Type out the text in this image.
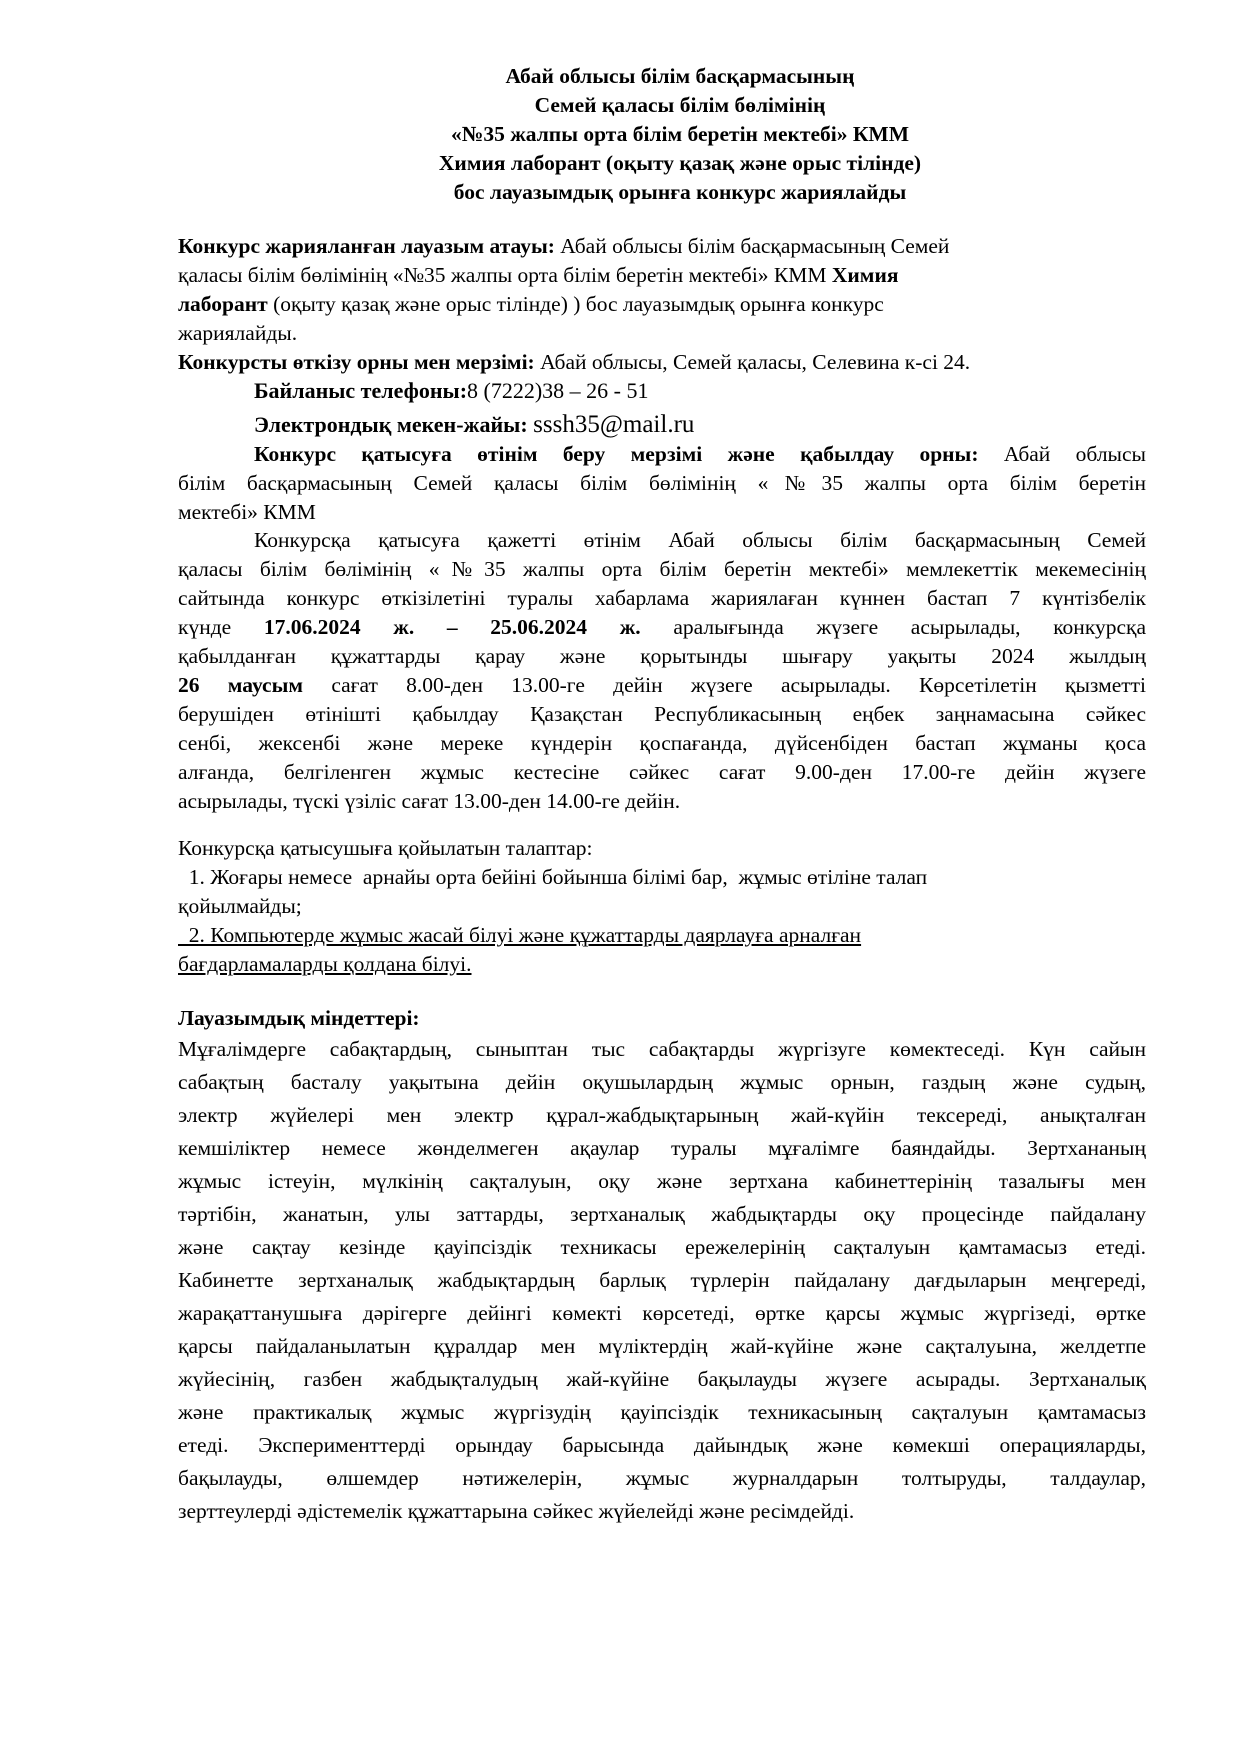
Абай облысы білім басқармасының
Семей қаласы білім бөлімінің
«№35 жалпы орта білім беретін мектебі» КММ
Химия лаборант (оқыту қазақ және орыс тілінде)
бос лауазымдық орынға конкурс жариялайды
Конкурс жарияланған лауазым атауы: Абай облысы білім басқармасының Семей
қаласы білім бөлімінің «№35 жалпы орта білім беретін мектебі» КММ Химия
лаборант (оқыту қазақ және орыс тілінде) ) бос лауазымдық орынға конкурс
жариялайды.
Конкурсты өткізу орны мен мерзімі: Абай облысы, Семей қаласы, Селевина к-сі 24.
Байланыс телефоны:8 (7222)38 – 26 - 51
Электрондық мекен-жайы: sssh35@mail.ru
Конкурс қатысуға өтінім беру мерзімі және қабылдау орны: Абай облысы
білім басқармасының Семей қаласы білім бөлімінің «№35 жалпы орта білім беретін
мектебі» КММ
Конкурсқа қатысуға қажетті өтінім Абай облысы білім басқармасының Семей
қаласы білім бөлімінің «№35 жалпы орта білім беретін мектебі» мемлекеттік мекемесінің
сайтында конкурс өткізілетіні туралы хабарлама жариялаған күннен бастап 7 күнтізбелік
күнде 17.06.2024 ж. – 25.06.2024 ж. аралығында жүзеге асырылады, конкурсқа
қабылданған құжаттарды қарау және қорытынды шығару уақыты 2024 жылдың
26 маусым сағат 8.00-ден 13.00-ге дейін жүзеге асырылады. Көрсетілетін қызметті
берушіден өтінішті қабылдау Қазақстан Республикасының еңбек заңнамасына сәйкес
сенбі, жексенбі және мереке күндерін қоспағанда, дүйсенбіден бастап жұманы қоса
алғанда, белгіленген жұмыс кестесіне сәйкес сағат 9.00-ден 17.00-ге дейін жүзеге
асырылады, түскі үзіліс сағат 13.00-ден 14.00-ге дейін.
Конкурсқа қатысушыға қойылатын талаптар:
1. Жоғары немесе  арнайы орта бейіні бойынша білімі бар,  жұмыс өтіліне талап
қойылмайды;
2. Компьютерде жұмыс жасай білуі және құжаттарды даярлауға арналған
бағдарламаларды қолдана білуі.
Лауазымдық міндеттері:
Мұғалімдерге сабақтардың, сыныптан тыс сабақтарды жүргізуге көмектеседі. Күн сайын
сабақтың басталу уақытына дейін оқушылардың жұмыс орнын, газдың және судың,
электр жүйелері мен электр құрал-жабдықтарының жай-күйін тексереді, анықталған
кемшіліктер немесе жөнделмеген ақаулар туралы мұғалімге баяндайды. Зертхананың
жұмыс істеуін, мүлкінің сақталуын, оқу және зертхана кабинеттерінің тазалығы мен
тәртібін, жанатын, улы заттарды, зертханалық жабдықтарды оқу процесінде пайдалану
және сақтау кезінде қауіпсіздік техникасы ережелерінің сақталуын қамтамасыз етеді.
Кабинетте зертханалық жабдықтардың барлық түрлерін пайдалану дағдыларын меңгереді,
жарақаттанушыға дәрігерге дейінгі көмекті көрсетеді, өртке қарсы жұмыс жүргізеді, өртке
қарсы пайдаланылатын құралдар мен мүліктердің жай-күйіне және сақталуына, желдетпе
жүйесінің, газбен жабдықталудың жай-күйіне бақылауды жүзеге асырады. Зертханалық
және практикалық жұмыс жүргізудің қауіпсіздік техникасының сақталуын қамтамасыз
етеді. Эксперименттерді орындау барысында дайындық және көмекші операцияларды,
бақылауды, өлшемдер нәтижелерін, жұмыс журналдарын толтыруды, талдаулар,
зерттеулерді әдістемелік құжаттарына сәйкес жүйелейді және ресімдейді.
